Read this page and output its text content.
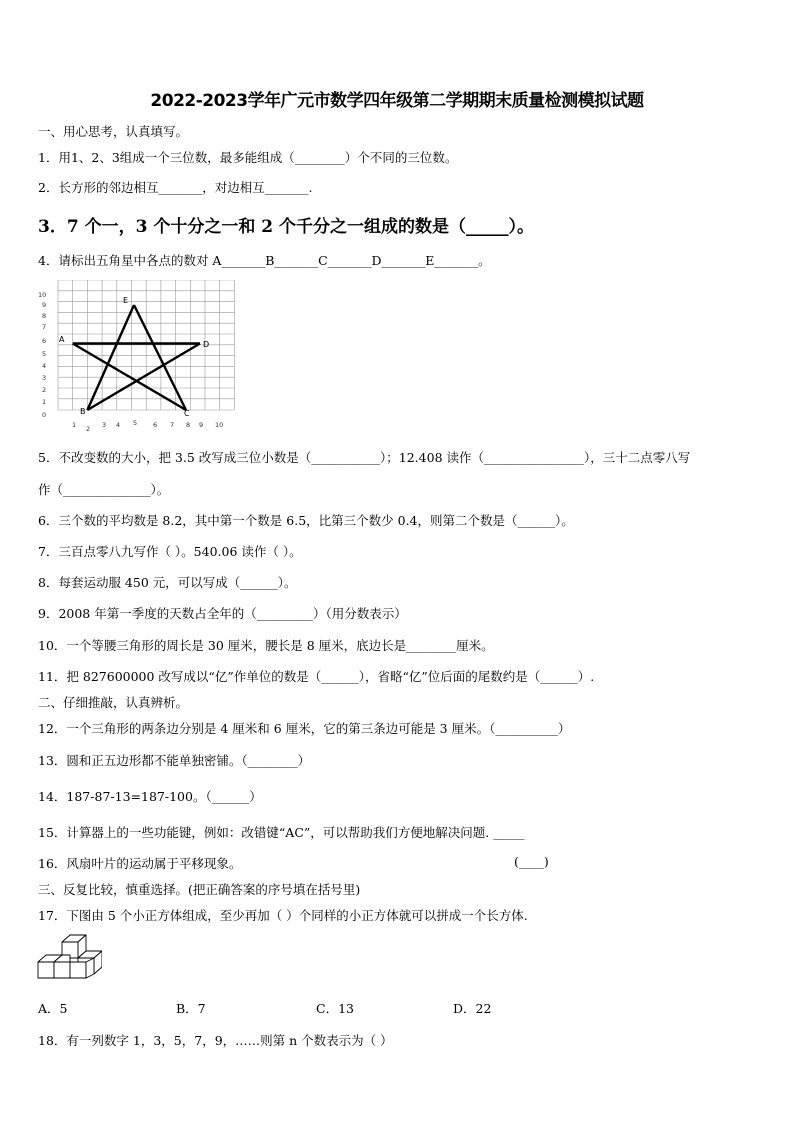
2022-2023学年广元市数学四年级第二学期期末质量检测模拟试题
一、用心思考，认真填写。
1．用1、2、3组成一个三位数，最多能组成（________）个不同的三位数。
2．长方形的邻边相互_______，对边相互_______.
3．7 个一，3 个十分之一和 2 个千分之一组成的数是（_____）。
4．请标出五角星中各点的数对 A_______B_______C_______D_______E_______。
10
9
8
7
6
5
4
3
2
1
0
1 2 3 4 5 6 7 8 9 10
A
B	C
D
E
5．不改变数的大小，把 3.5 改写成三位小数是（___________）；12.408 读作（________________），三十二点零八写
作（______________）。
6．三个数的平均数是 8.2，其中第一个数是 6.5，比第三个数少 0.4，则第二个数是（______）。
7．三百点零八九写作（ ）。540.06 读作（ ）。
8．每套运动服 450 元，可以写成（______）。
9．2008 年第一季度的天数占全年的（_________）（用分数表示）
10．一个等腰三角形的周长是 30 厘米，腰长是 8 厘米，底边长是________厘米。
11．把 827600000 改写成以“亿”作单位的数是（______），省略“亿”位后面的尾数约是（______）.
二、仔细推敲，认真辨析。
12．一个三角形的两条边分别是 4 厘米和 6 厘米，它的第三条边可能是 3 厘米。（__________）
13．圆和正五边形都不能单独密铺。（________）
14．187-87-13=187-100。（______）
15．计算器上的一些功能键，例如：改错键“AC”，可以帮助我们方便地解决问题. _____
16．风扇叶片的运动属于平移现象。	(____)
三、反复比较，慎重选择。(把正确答案的序号填在括号里)
17．下图由 5 个小正方体组成，至少再加（ ）个同样的小正方体就可以拼成一个长方体.
A．5	B．7	C．13	D．22
18．有一列数字 1，3，5，7，9，……则第 n 个数表示为（ ）
